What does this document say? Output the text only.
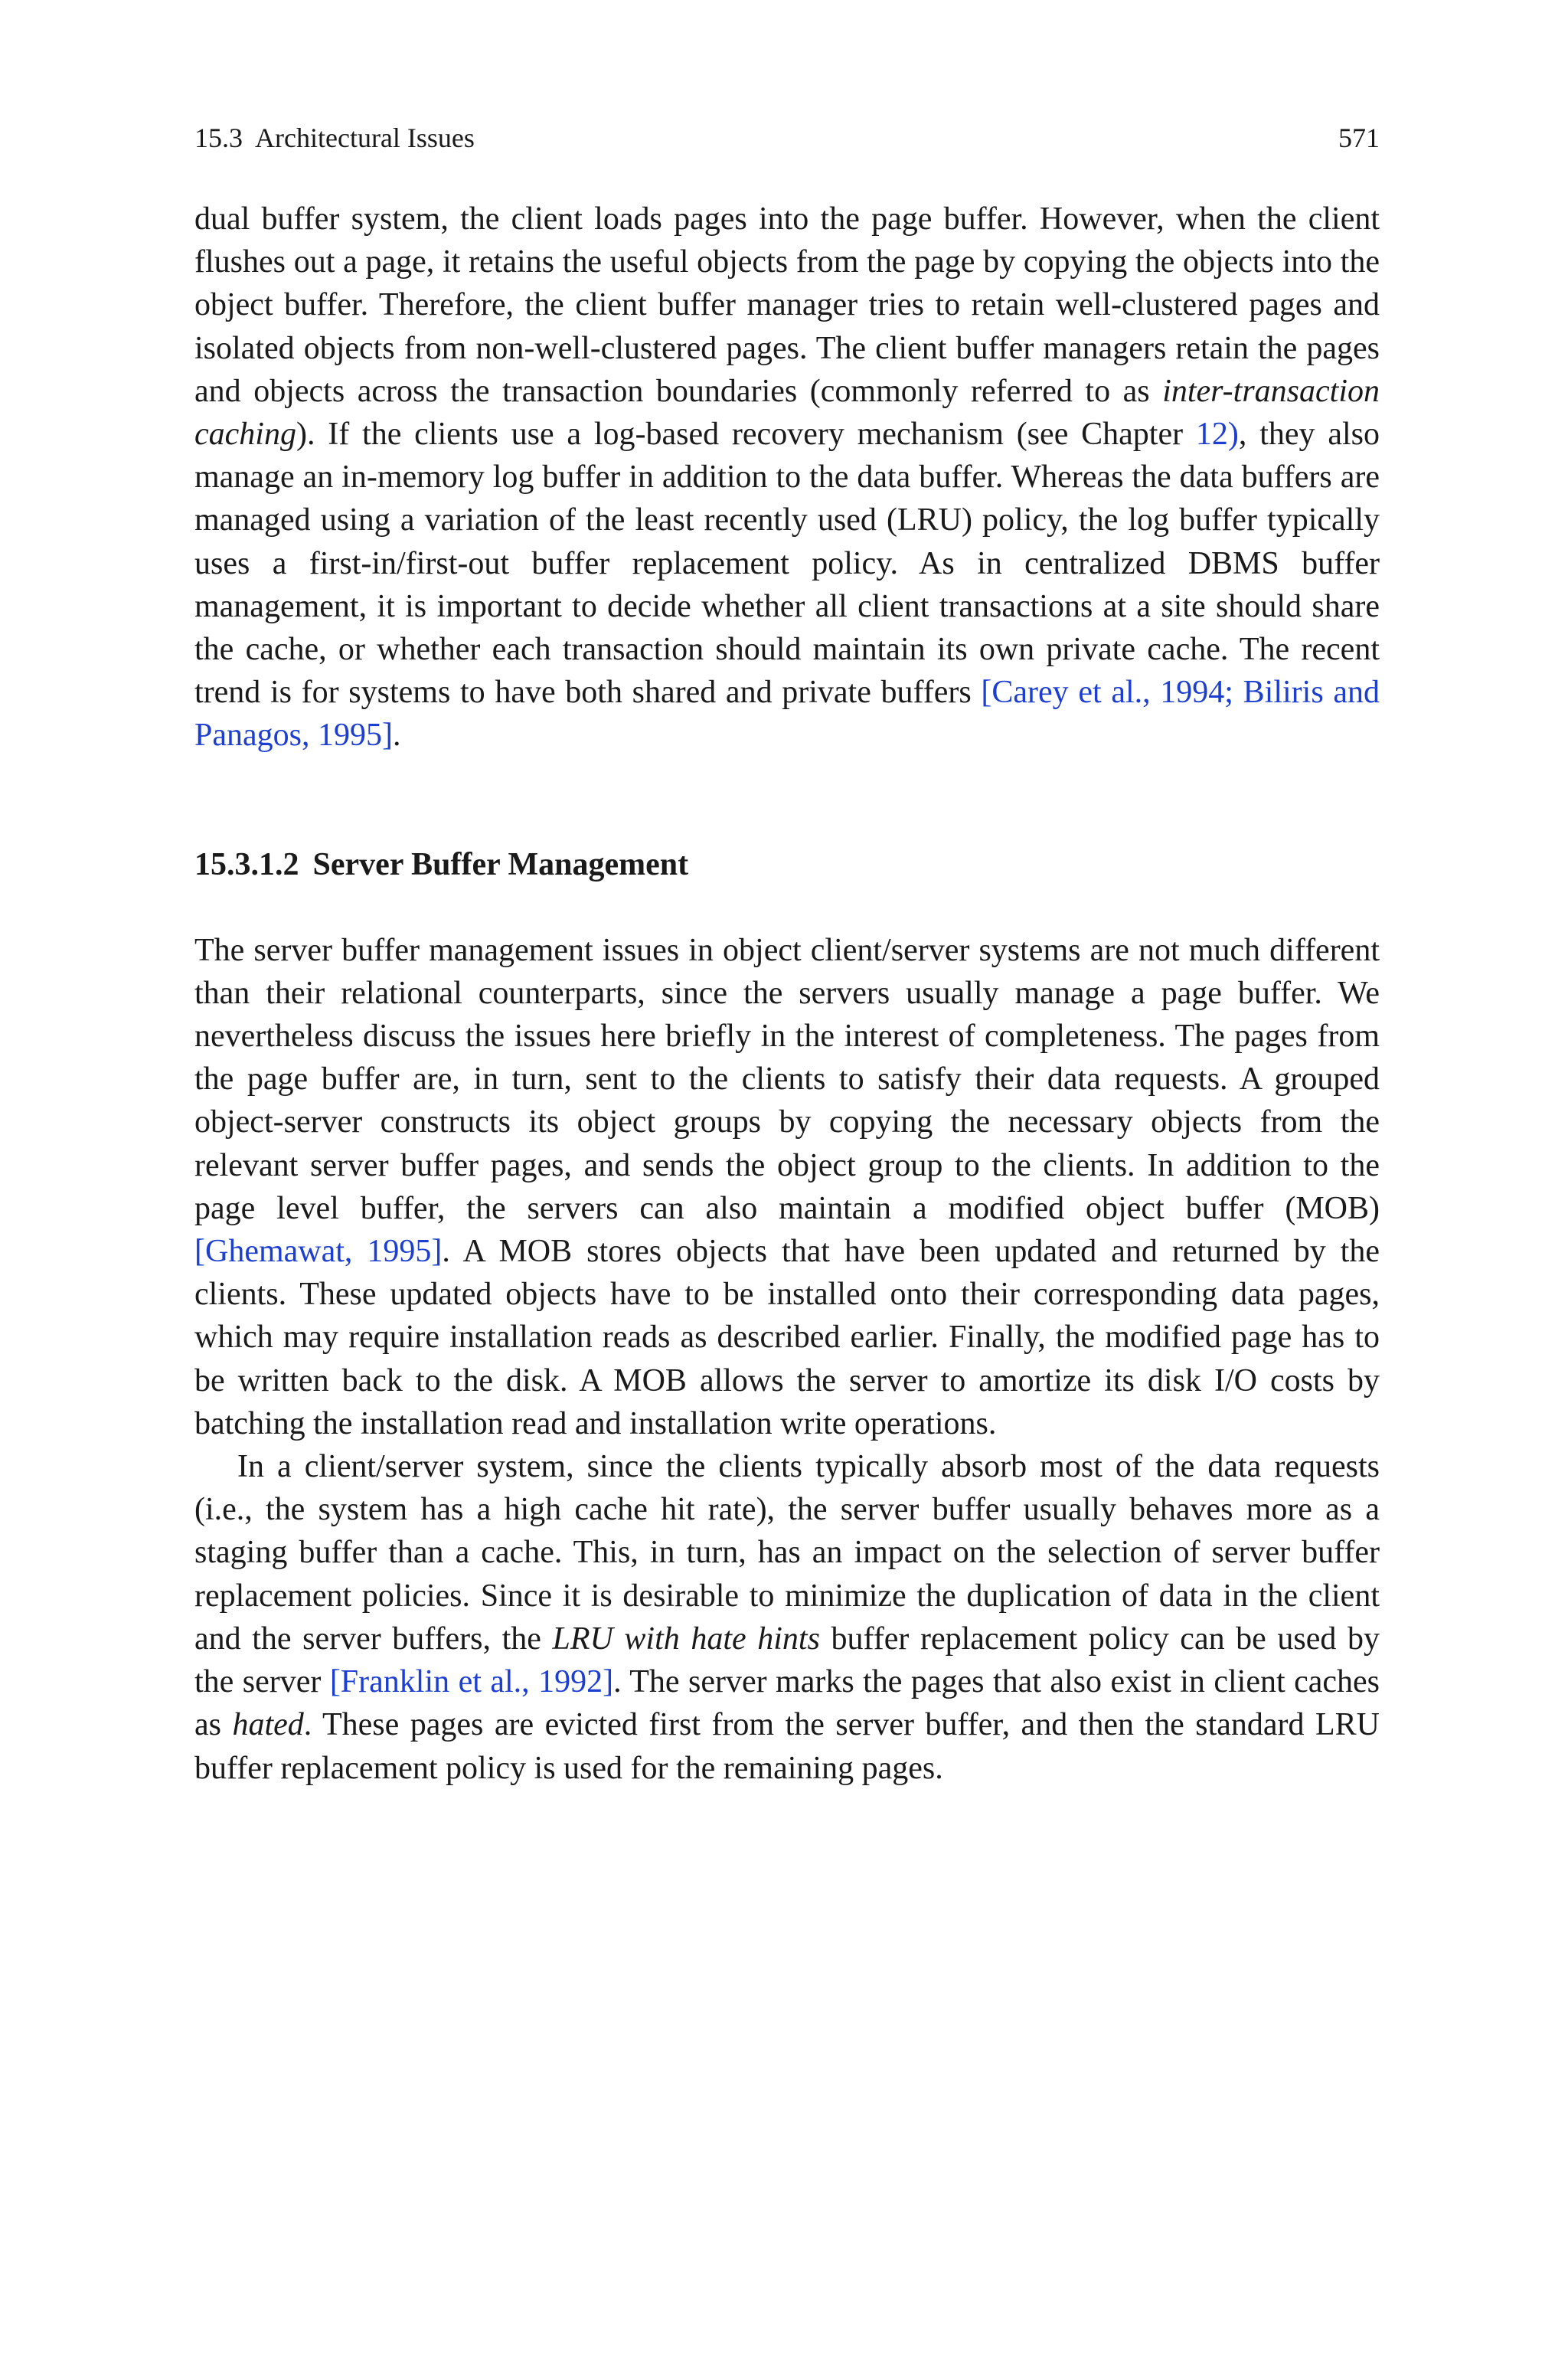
15.3  Architectural Issues	571

dual buffer system, the client loads pages into the page buffer. However, when the client flushes out a page, it retains the useful objects from the page by copying the objects into the object buffer. Therefore, the client buffer manager tries to retain well-clustered pages and isolated objects from non-well-clustered pages. The client buffer managers retain the pages and objects across the transaction boundaries (commonly referred to as inter-transaction caching). If the clients use a log-based recovery mechanism (see Chapter 12), they also manage an in-memory log buffer in addition to the data buffer. Whereas the data buffers are managed using a variation of the least recently used (LRU) policy, the log buffer typically uses a first-in/first-out buffer replacement policy. As in centralized DBMS buffer management, it is important to decide whether all client transactions at a site should share the cache, or whether each transaction should maintain its own private cache. The recent trend is for systems to have both shared and private buffers [Carey et al., 1994; Biliris and Panagos, 1995].

15.3.1.2 Server Buffer Management

The server buffer management issues in object client/server systems are not much different than their relational counterparts, since the servers usually manage a page buffer. We nevertheless discuss the issues here briefly in the interest of completeness. The pages from the page buffer are, in turn, sent to the clients to satisfy their data requests. A grouped object-server constructs its object groups by copying the necessary objects from the relevant server buffer pages, and sends the object group to the clients. In addition to the page level buffer, the servers can also maintain a modified object buffer (MOB) [Ghemawat, 1995]. A MOB stores objects that have been updated and returned by the clients. These updated objects have to be installed onto their corresponding data pages, which may require installation reads as described earlier. Finally, the modified page has to be written back to the disk. A MOB allows the server to amortize its disk I/O costs by batching the installation read and installation write operations.

In a client/server system, since the clients typically absorb most of the data requests (i.e., the system has a high cache hit rate), the server buffer usually behaves more as a staging buffer than a cache. This, in turn, has an impact on the selection of server buffer replacement policies. Since it is desirable to minimize the duplication of data in the client and the server buffers, the LRU with hate hints buffer replacement policy can be used by the server [Franklin et al., 1992]. The server marks the pages that also exist in client caches as hated. These pages are evicted first from the server buffer, and then the standard LRU buffer replacement policy is used for the remaining pages.
